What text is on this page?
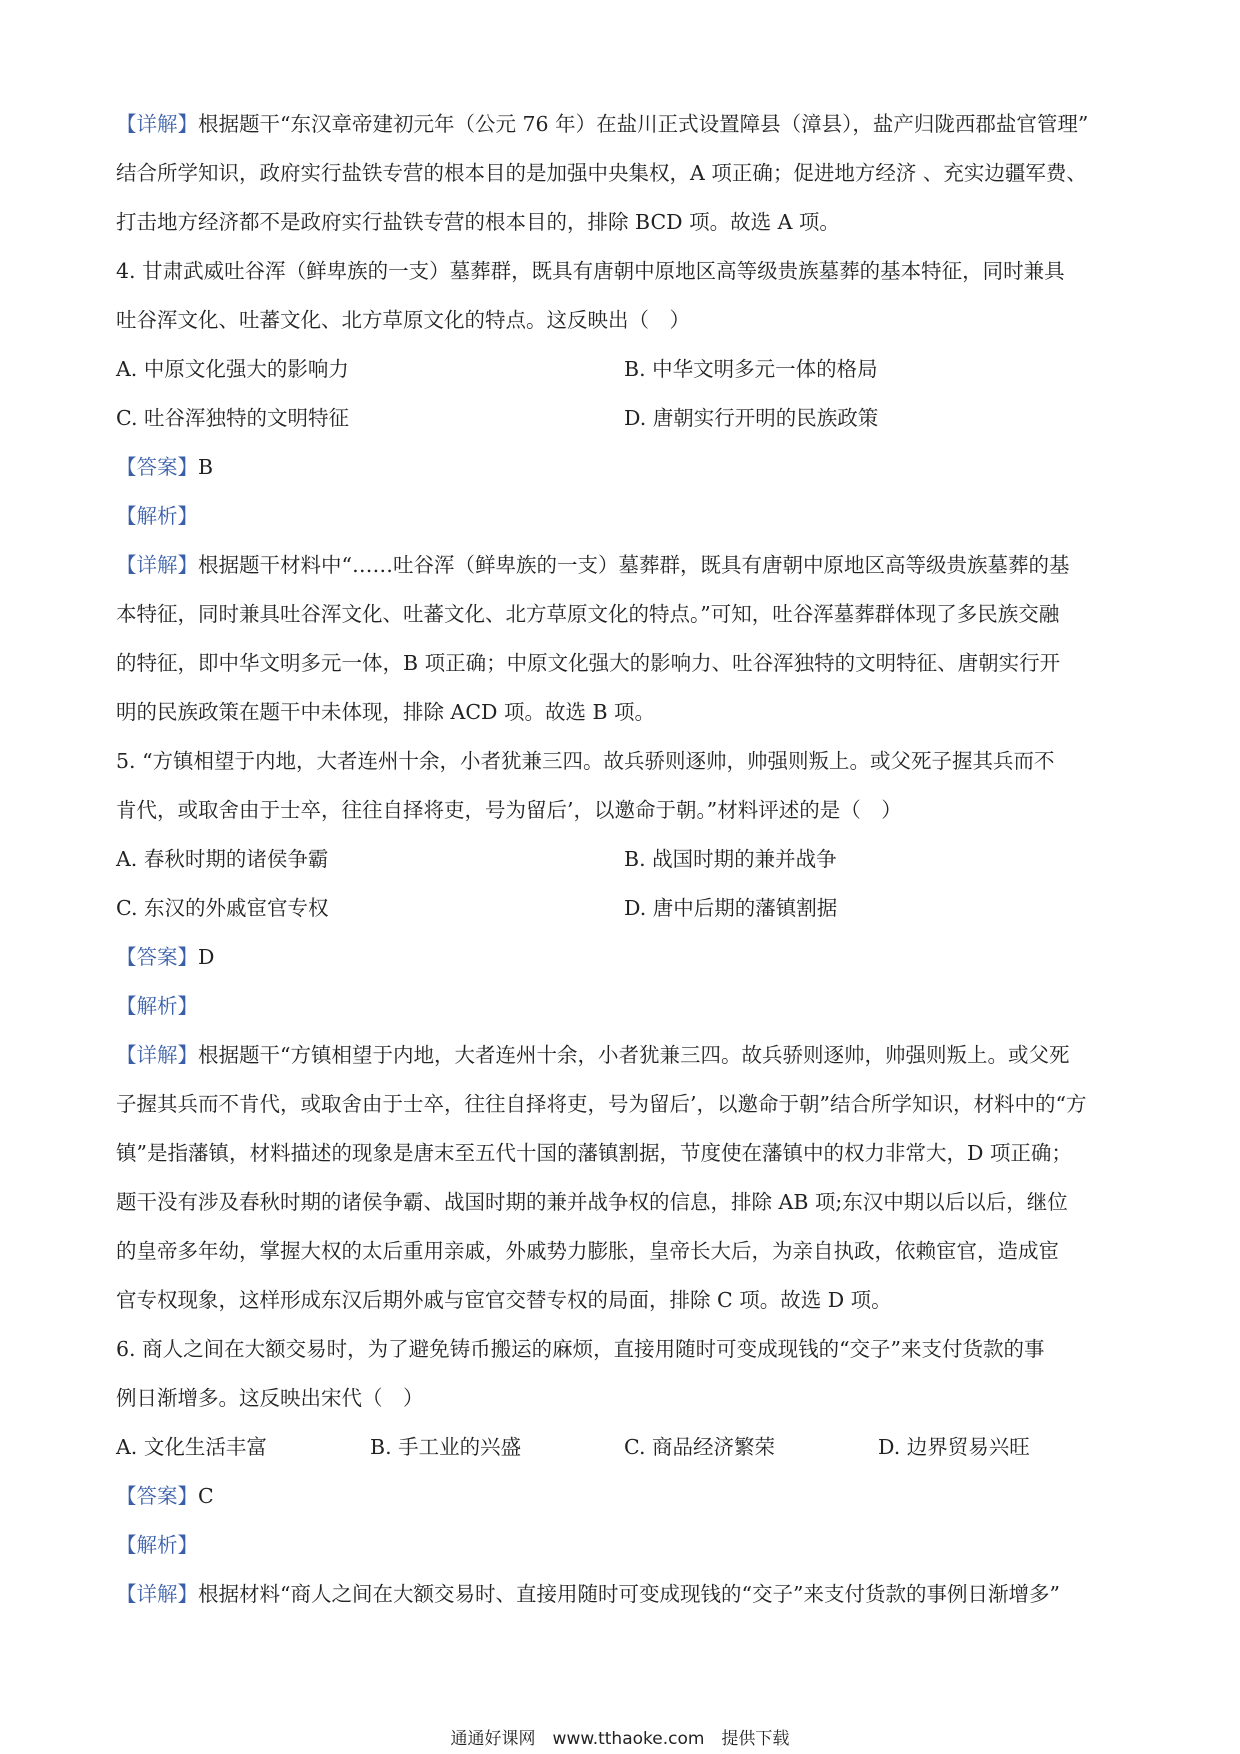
【详解】根据题干“东汉章帝建初元年（公元 76 年）在盐川正式设置障县（漳县），盐产归陇西郡盐官管理”
结合所学知识，政府实行盐铁专营的根本目的是加强中央集权，A 项正确；促进地方经济 、充实边疆军费、
打击地方经济都不是政府实行盐铁专营的根本目的，排除 BCD 项。故选 A 项。
4. 甘肃武威吐谷浑（鲜卑族的一支）墓葬群，既具有唐朝中原地区高等级贵族墓葬的基本特征，同时兼具
吐谷浑文化、吐蕃文化、北方草原文化的特点。这反映出（　）
A. 中原文化强大的影响力	B. 中华文明多元一体的格局
C. 吐谷浑独特的文明特征	D. 唐朝实行开明的民族政策
【答案】B
【解析】
【详解】根据题干材料中“……吐谷浑（鲜卑族的一支）墓葬群，既具有唐朝中原地区高等级贵族墓葬的基
本特征，同时兼具吐谷浑文化、吐蕃文化、北方草原文化的特点。”可知，吐谷浑墓葬群体现了多民族交融
的特征，即中华文明多元一体，B 项正确；中原文化强大的影响力、吐谷浑独特的文明特征、唐朝实行开
明的民族政策在题干中未体现，排除 ACD 项。故选 B 项。
5. “方镇相望于内地，大者连州十余，小者犹兼三四。故兵骄则逐帅，帅强则叛上。或父死子握其兵而不
肯代，或取舍由于士卒，往往自择将吏，号为留后’，以邀命于朝。”材料评述的是（　）
A. 春秋时期的诸侯争霸	B. 战国时期的兼并战争
C. 东汉的外戚宦官专权	D. 唐中后期的藩镇割据
【答案】D
【解析】
【详解】根据题干“方镇相望于内地，大者连州十余，小者犹兼三四。故兵骄则逐帅，帅强则叛上。或父死
子握其兵而不肯代，或取舍由于士卒，往往自择将吏，号为留后’，以邀命于朝”结合所学知识，材料中的“方
镇”是指藩镇，材料描述的现象是唐末至五代十国的藩镇割据，节度使在藩镇中的权力非常大，D 项正确；
题干没有涉及春秋时期的诸侯争霸、战国时期的兼并战争权的信息，排除 AB 项;东汉中期以后以后，继位
的皇帝多年幼，掌握大权的太后重用亲戚，外戚势力膨胀，皇帝长大后，为亲自执政，依赖宦官，造成宦
官专权现象，这样形成东汉后期外戚与宦官交替专权的局面，排除 C 项。故选 D 项。
6. 商人之间在大额交易时，为了避免铸币搬运的麻烦，直接用随时可变成现钱的“交子”来支付货款的事
例日渐增多。这反映出宋代（　）
A. 文化生活丰富	B. 手工业的兴盛	C. 商品经济繁荣	D. 边界贸易兴旺
【答案】C
【解析】
【详解】根据材料“商人之间在大额交易时、直接用随时可变成现钱的“交子”来支付货款的事例日渐增多”
通通好课网　www.tthaoke.com　提供下载
